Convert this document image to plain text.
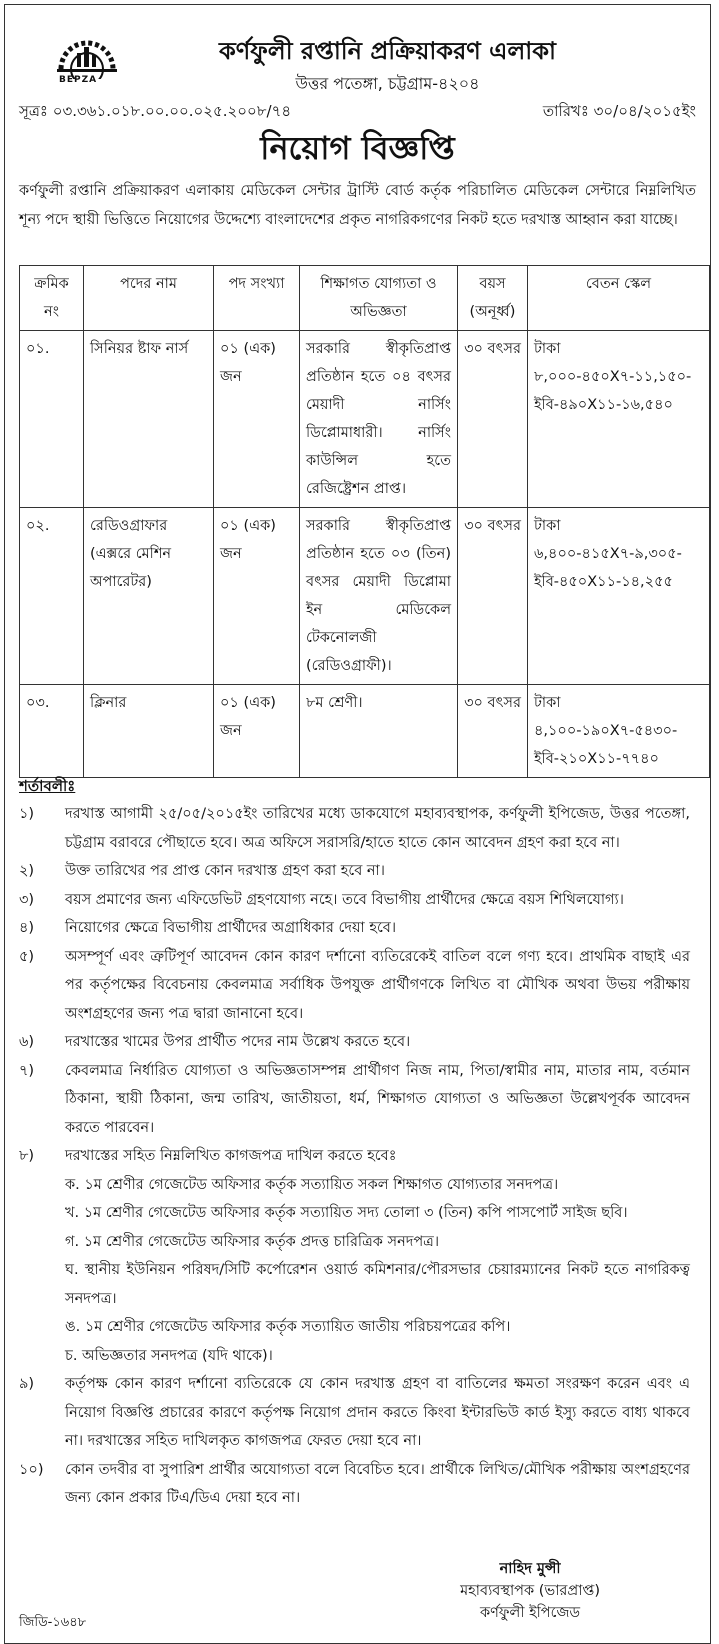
BEPZA
কর্ণফুলী রপ্তানি প্রক্রিয়াকরণ এলাকা
উত্তর পতেঙ্গা, চট্টগ্রাম-৪২০৪
সূত্রঃ ০৩.৩৬১.০১৮.০০.০০.০২৫.২০০৮/৭৪	তারিখঃ ৩০/০৪/২০১৫ইং
নিয়োগ বিজ্ঞপ্তি
কর্ণফুলী রপ্তানি প্রক্রিয়াকরণ এলাকায় মেডিকেল সেন্টার ট্রাস্টি বোর্ড কর্তৃক পরিচালিত মেডিকেল সেন্টারে নিম্নলিখিত শূন্য পদে স্থায়ী ভিত্তিতে নিয়োগের উদ্দেশ্যে বাংলাদেশের প্রকৃত নাগরিকগণের নিকট হতে দরখাস্ত আহ্বান করা যাচ্ছে।
ক্রমিক নং	পদের নাম	পদ সংখ্যা	শিক্ষাগত যোগ্যতা ও অভিজ্ঞতা	বয়স (অনূর্ধ্ব)	বেতন স্কেল
০১.	সিনিয়র ষ্টাফ নার্স	০১ (এক) জন	সরকারি স্বীকৃতিপ্রাপ্ত প্রতিষ্ঠান হতে ০৪ বৎসর মেয়াদী নার্সিং ডিপ্লোমাধারী। নার্সিং কাউন্সিল হতে রেজিষ্ট্রেশন প্রাপ্ত।	৩০ বৎসর	টাকা ৮,০০০-৪৫০X৭-১১,১৫০-ইবি-৪৯০X১১-১৬,৫৪০
০২.	রেডিওগ্রাফার (এক্সরে মেশিন অপারেটর)	০১ (এক) জন	সরকারি স্বীকৃতিপ্রাপ্ত প্রতিষ্ঠান হতে ০৩ (তিন) বৎসর মেয়াদী ডিপ্লোমা ইন মেডিকেল টেকনোলজী (রেডিওগ্রাফী)।	৩০ বৎসর	টাকা ৬,৪০০-৪১৫X৭-৯,৩০৫-ইবি-৪৫০X১১-১৪,২৫৫
০৩.	ক্লিনার	০১ (এক) জন	৮ম শ্রেণী।	৩০ বৎসর	টাকা ৪,১০০-১৯০X৭-৫৪৩০-ইবি-২১০X১১-৭৭৪০
শর্তাবলীঃ
১)	দরখাস্ত আগামী ২৫/০৫/২০১৫ইং তারিখের মধ্যে ডাকযোগে মহাব্যবস্থাপক, কর্ণফুলী ইপিজেড, উত্তর পতেঙ্গা, চট্টগ্রাম বরাবরে পৌছাতে হবে। অত্র অফিসে সরাসরি/হাতে হাতে কোন আবেদন গ্রহণ করা হবে না।
২)	উক্ত তারিখের পর প্রাপ্ত কোন দরখাস্ত গ্রহণ করা হবে না।
৩)	বয়স প্রমাণের জন্য এফিডেভিট গ্রহণযোগ্য নহে। তবে বিভাগীয় প্রার্থীদের ক্ষেত্রে বয়স শিথিলযোগ্য।
৪)	নিয়োগের ক্ষেত্রে বিভাগীয় প্রার্থীদের অগ্রাধিকার দেয়া হবে।
৫)	অসম্পূর্ণ এবং ত্রুটিপূর্ণ আবেদন কোন কারণ দর্শানো ব্যতিরেকেই বাতিল বলে গণ্য হবে। প্রাথমিক বাছাই এর পর কর্তৃপক্ষের বিবেচনায় কেবলমাত্র সর্বাধিক উপযুক্ত প্রার্থীগণকে লিখিত বা মৌখিক অথবা উভয় পরীক্ষায় অংশগ্রহণের জন্য পত্র দ্বারা জানানো হবে।
৬)	দরখাস্তের খামের উপর প্রার্থীত পদের নাম উল্লেখ করতে হবে।
৭)	কেবলমাত্র নির্ধারিত যোগ্যতা ও অভিজ্ঞতাসম্পন্ন প্রার্থীগণ নিজ নাম, পিতা/স্বামীর নাম, মাতার নাম, বর্তমান ঠিকানা, স্থায়ী ঠিকানা, জন্ম তারিখ, জাতীয়তা, ধর্ম, শিক্ষাগত যোগ্যতা ও অভিজ্ঞতা উল্লেখপূর্বক আবেদন করতে পারবেন।
৮)	দরখাস্তের সহিত নিম্নলিখিত কাগজপত্র দাখিল করতে হবেঃ
ক. ১ম শ্রেণীর গেজেটেড অফিসার কর্তৃক সত্যায়িত সকল শিক্ষাগত যোগ্যতার সনদপত্র।
খ. ১ম শ্রেণীর গেজেটেড অফিসার কর্তৃক সত্যায়িত সদ্য তোলা ৩ (তিন) কপি পাসপোর্ট সাইজ ছবি।
গ. ১ম শ্রেণীর গেজেটেড অফিসার কর্তৃক প্রদত্ত চারিত্রিক সনদপত্র।
ঘ. স্থানীয় ইউনিয়ন পরিষদ/সিটি কর্পোরেশন ওয়ার্ড কমিশনার/পৌরসভার চেয়ারম্যানের নিকট হতে নাগরিকত্ব সনদপত্র।
ঙ. ১ম শ্রেণীর গেজেটেড অফিসার কর্তৃক সত্যায়িত জাতীয় পরিচয়পত্রের কপি।
চ. অভিজ্ঞতার সনদপত্র (যদি থাকে)।
৯)	কর্তৃপক্ষ কোন কারণ দর্শানো ব্যতিরেকে যে কোন দরখাস্ত গ্রহণ বা বাতিলের ক্ষমতা সংরক্ষণ করেন এবং এ নিয়োগ বিজ্ঞপ্তি প্রচারের কারণে কর্তৃপক্ষ নিয়োগ প্রদান করতে কিংবা ইন্টারভিউ কার্ড ইস্যু করতে বাধ্য থাকবে না। দরখাস্তের সহিত দাখিলকৃত কাগজপত্র ফেরত দেয়া হবে না।
১০)	কোন তদবীর বা সুপারিশ প্রার্থীর অযোগ্যতা বলে বিবেচিত হবে। প্রার্থীকে লিখিত/মৌখিক পরীক্ষায় অংশগ্রহণের জন্য কোন প্রকার টিএ/ডিএ দেয়া হবে না।
নাহিদ মুন্সী
মহাব্যবস্থাপক (ভারপ্রাপ্ত)
কর্ণফুলী ইপিজেড
জিডি-১৬৪৮
